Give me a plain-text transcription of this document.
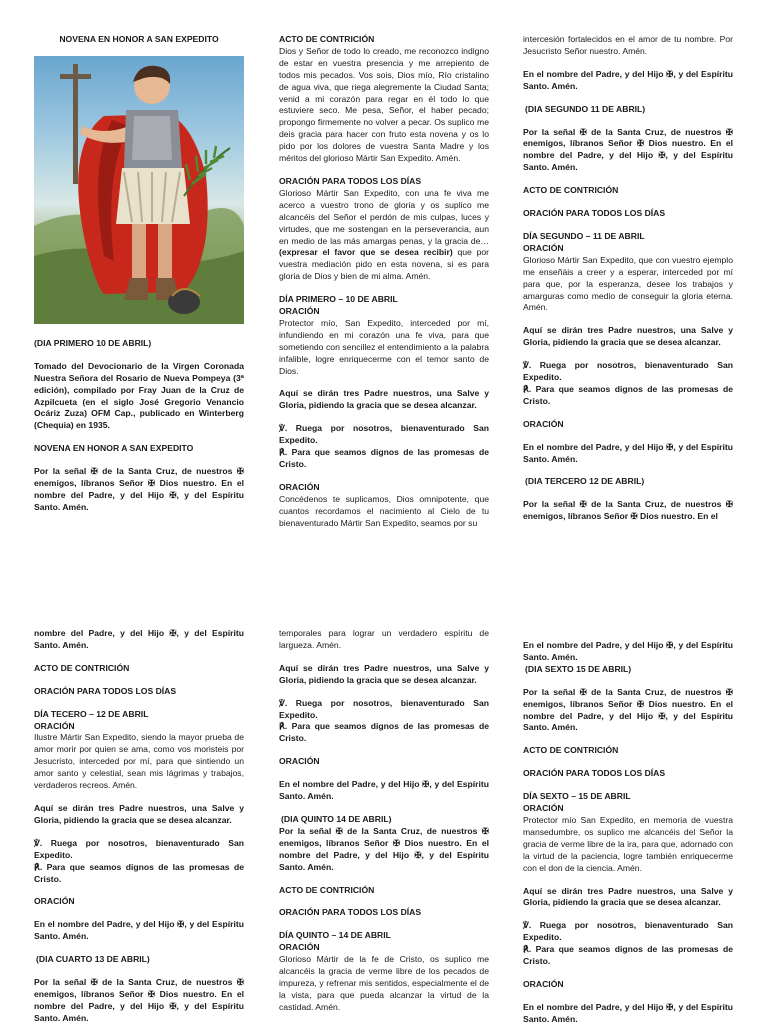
NOVENA EN HONOR A SAN EXPEDITO

(DIA PRIMERO 10 DE ABRIL)

Tomado del Devocionario de la Virgen Coronada Nuestra Señora del Rosario de Nueva Pompeya (3ª edición), compilado por Fray Juan de la Cruz de Azpilcueta (en el siglo José Gregorio Venancio Ocáriz Zuza) OFM Cap., publicado en Winterberg (Chequia) en 1935.

NOVENA EN HONOR A SAN EXPEDITO

Por la señal ✠ de la Santa Cruz, de nuestros ✠ enemigos, líbranos Señor ✠ Dios nuestro. En el nombre del Padre, y del Hijo ✠, y del Espíritu Santo. Amén.

ACTO DE CONTRICIÓN

Dios y Señor de todo lo creado, me reconozco indigno de estar en vuestra presencia y me arrepiento de todos mis pecados. Vos sois, Dios mío, Río cristalino de agua viva, que riega alegremente la Ciudad Santa; venid a mi corazón para regar en él todo lo que estuviere seco. Me pesa, Señor, el haber pecado; propongo firmemente no volver a pecar. Os suplico me deis gracia para hacer con fruto esta novena y os lo pido por los dolores de vuestra Santa Madre y los méritos del glorioso Mártir San Expedito. Amén.

ORACIÓN PARA TODOS LOS DÍAS

Glorioso Mártir San Expedito, con una fe viva me acerco a vuestro trono de gloria y os suplico me alcancéis del Señor el perdón de mis culpas, luces y virtudes, que me sostengan en la perseverancia, aun en medio de las más amargas penas, y la gracia de… (expresar el favor que se desea recibir) que por vuestra mediación pido en esta novena, si es para gloria de Dios y bien de mi alma. Amén.

DÍA PRIMERO – 10 DE ABRIL

ORACIÓN

Protector mío, San Expedito, interceded por mí, infundiendo en mi corazón una fe viva, para que sometiendo con sencillez el entendimiento a la palabra infalible, logre enriquecerme con el temor santo de Dios.

Aquí se dirán tres Padre nuestros, una Salve y Gloria, pidiendo la gracia que se desea alcanzar.

℣. Ruega por nosotros, bienaventurado San Expedito.

℟. Para que seamos dignos de las promesas de Cristo.

ORACIÓN

Concédenos te suplicamos, Dios omnipotente, que cuantos recordamos el nacimiento al Cielo de tu bienaventurado Mártir San Expedito, seamos por su

intercesión fortalecidos en el amor de tu nombre. Por Jesucristo Señor nuestro. Amén.

En el nombre del Padre, y del Hijo ✠, y del Espíritu Santo. Amén.

(DIA SEGUNDO 11 DE ABRIL)

Por la señal ✠ de la Santa Cruz, de nuestros ✠ enemigos, líbranos Señor ✠ Dios nuestro. En el nombre del Padre, y del Hijo ✠, y del Espíritu Santo. Amén.

ACTO DE CONTRICIÓN

ORACIÓN PARA TODOS LOS DÍAS

DÍA SEGUNDO – 11 DE ABRIL

ORACIÓN

Glorioso Mártir San Expedito, que con vuestro ejemplo me enseñáis a creer y a esperar, interceded por mí para que, por la esperanza, desee los trabajos y amarguras como medio de conseguir la gloria eterna. Amén.

Aquí se dirán tres Padre nuestros, una Salve y Gloria, pidiendo la gracia que se desea alcanzar.

℣. Ruega por nosotros, bienaventurado San Expedito.

℟. Para que seamos dignos de las promesas de Cristo.

ORACIÓN

En el nombre del Padre, y del Hijo ✠, y del Espíritu Santo. Amén.

(DIA TERCERO 12 DE ABRIL)

Por la señal ✠ de la Santa Cruz, de nuestros ✠ enemigos, líbranos Señor ✠ Dios nuestro. En el

nombre del Padre, y del Hijo ✠, y del Espíritu Santo. Amén.

ACTO DE CONTRICIÓN

ORACIÓN PARA TODOS LOS DÍAS

DÍA TECERO – 12 DE ABRIL

ORACIÓN

Ilustre Mártir San Expedito, siendo la mayor prueba de amor morir por quien se ama, como vos moristeis por Jesucristo, interceded por mí, para que sintiendo un amor santo y celestial, sean mis lágrimas y trabajos, verdaderos recreos. Amén.

Aquí se dirán tres Padre nuestros, una Salve y Gloria, pidiendo la gracia que se desea alcanzar.

℣. Ruega por nosotros, bienaventurado San Expedito.

℟. Para que seamos dignos de las promesas de Cristo.

ORACIÓN

En el nombre del Padre, y del Hijo ✠, y del Espíritu Santo. Amén.

(DIA CUARTO 13 DE ABRIL)

Por la señal ✠ de la Santa Cruz, de nuestros ✠ enemigos, líbranos Señor ✠ Dios nuestro. En el nombre del Padre, y del Hijo ✠, y del Espíritu Santo. Amén.

temporales para lograr un verdadero espíritu de largueza. Amén.

Aquí se dirán tres Padre nuestros, una Salve y Gloria, pidiendo la gracia que se desea alcanzar.

℣. Ruega por nosotros, bienaventurado San Expedito.

℟. Para que seamos dignos de las promesas de Cristo.

ORACIÓN

En el nombre del Padre, y del Hijo ✠, y del Espíritu Santo. Amén.

(DIA QUINTO 14 DE ABRIL)

Por la señal ✠ de la Santa Cruz, de nuestros ✠ enemigos, líbranos Señor ✠ Dios nuestro. En el nombre del Padre, y del Hijo ✠, y del Espíritu Santo. Amén.

ACTO DE CONTRICIÓN

ORACIÓN PARA TODOS LOS DÍAS

DÍA QUINTO – 14 DE ABRIL

ORACIÓN

Glorioso Mártir de la fe de Cristo, os suplico me alcancéis la gracia de verme libre de los pecados de impureza, y refrenar mis sentidos, especialmente el de la vista, para que pueda alcanzar la virtud de la castidad. Amén.

En el nombre del Padre, y del Hijo ✠, y del Espíritu Santo. Amén.

(DIA SEXTO 15 DE ABRIL)

Por la señal ✠ de la Santa Cruz, de nuestros ✠ enemigos, líbranos Señor ✠ Dios nuestro. En el nombre del Padre, y del Hijo ✠, y del Espíritu Santo. Amén.

ACTO DE CONTRICIÓN

ORACIÓN PARA TODOS LOS DÍAS

DÍA SEXTO – 15 DE ABRIL

ORACIÓN

Protector mío San Expedito, en memoria de vuestra mansedumbre, os suplico me alcancéis del Señor la gracia de verme libre de la ira, para que, adornado con la virtud de la paciencia, logre también enriquecerme con el don de la ciencia. Amén.

Aquí se dirán tres Padre nuestros, una Salve y Gloria, pidiendo la gracia que se desea alcanzar.

℣. Ruega por nosotros, bienaventurado San Expedito.

℟. Para que seamos dignos de las promesas de Cristo.

ORACIÓN

En el nombre del Padre, y del Hijo ✠, y del Espíritu Santo. Amén.
